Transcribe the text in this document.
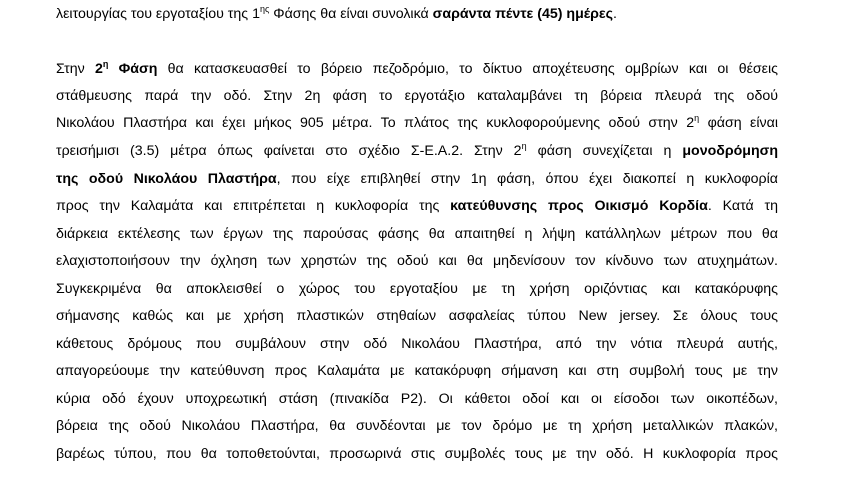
λειτουργίας του εργοταξίου της $1^{\eta\varsigma}$ Φάσης θα είναι συνολικά σαράντα πέντε (45) ημέρες.
Στην $2^\eta$ Φάση θα κατασκευασθεί το βόρειο πεζοδρόμιο, το δίκτυο αποχέτευσης ομβρίων και οι θέσεις
στάθμευσης παρά την οδό. Στην 2η φάση το εργοτάξιο καταλαμβάνει τη βόρεια πλευρά της οδού
Νικολάου Πλαστήρα και έχει μήκος 905 μέτρα. Το πλάτος της κυκλοφορούμενης οδού στην $2^\eta$ φάση είναι
τρεισήμισι (3.5) μέτρα όπως φαίνεται στο σχέδιο Σ-Ε.Α.2. Στην $2^\eta$ φάση συνεχίζεται η μονοδρόμηση
της οδού Νικολάου Πλαστήρα, που είχε επιβληθεί στην 1η φάση, όπου έχει διακοπεί η κυκλοφορία
προς την Καλαμάτα και επιτρέπεται η κυκλοφορία της κατεύθυνσης προς Οικισμό Κορδία. Κατά τη
διάρκεια εκτέλεσης των έργων της παρούσας φάσης θα απαιτηθεί η λήψη κατάλληλων μέτρων που θα
ελαχιστοποιήσουν την όχληση των χρηστών της οδού και θα μηδενίσουν τον κίνδυνο των ατυχημάτων.
Συγκεκριμένα θα αποκλεισθεί ο χώρος του εργοταξίου με τη χρήση οριζόντιας και κατακόρυφης
σήμανσης καθώς και με χρήση πλαστικών στηθαίων ασφαλείας τύπου New jersey. Σε όλους τους
κάθετους δρόμους που συμβάλουν στην οδό Νικολάου Πλαστήρα, από την νότια πλευρά αυτής,
απαγορεύουμε την κατεύθυνση προς Καλαμάτα με κατακόρυφη σήμανση και στη συμβολή τους με την
κύρια οδό έχουν υποχρεωτική στάση (πινακίδα Ρ2). Οι κάθετοι οδοί και οι είσοδοι των οικοπέδων,
βόρεια της οδού Νικολάου Πλαστήρα, θα συνδέονται με τον δρόμο με τη χρήση μεταλλικών πλακών,
βαρέως τύπου, που θα τοποθετούνται, προσωρινά στις συμβολές τους με την οδό. Η κυκλοφορία προς
